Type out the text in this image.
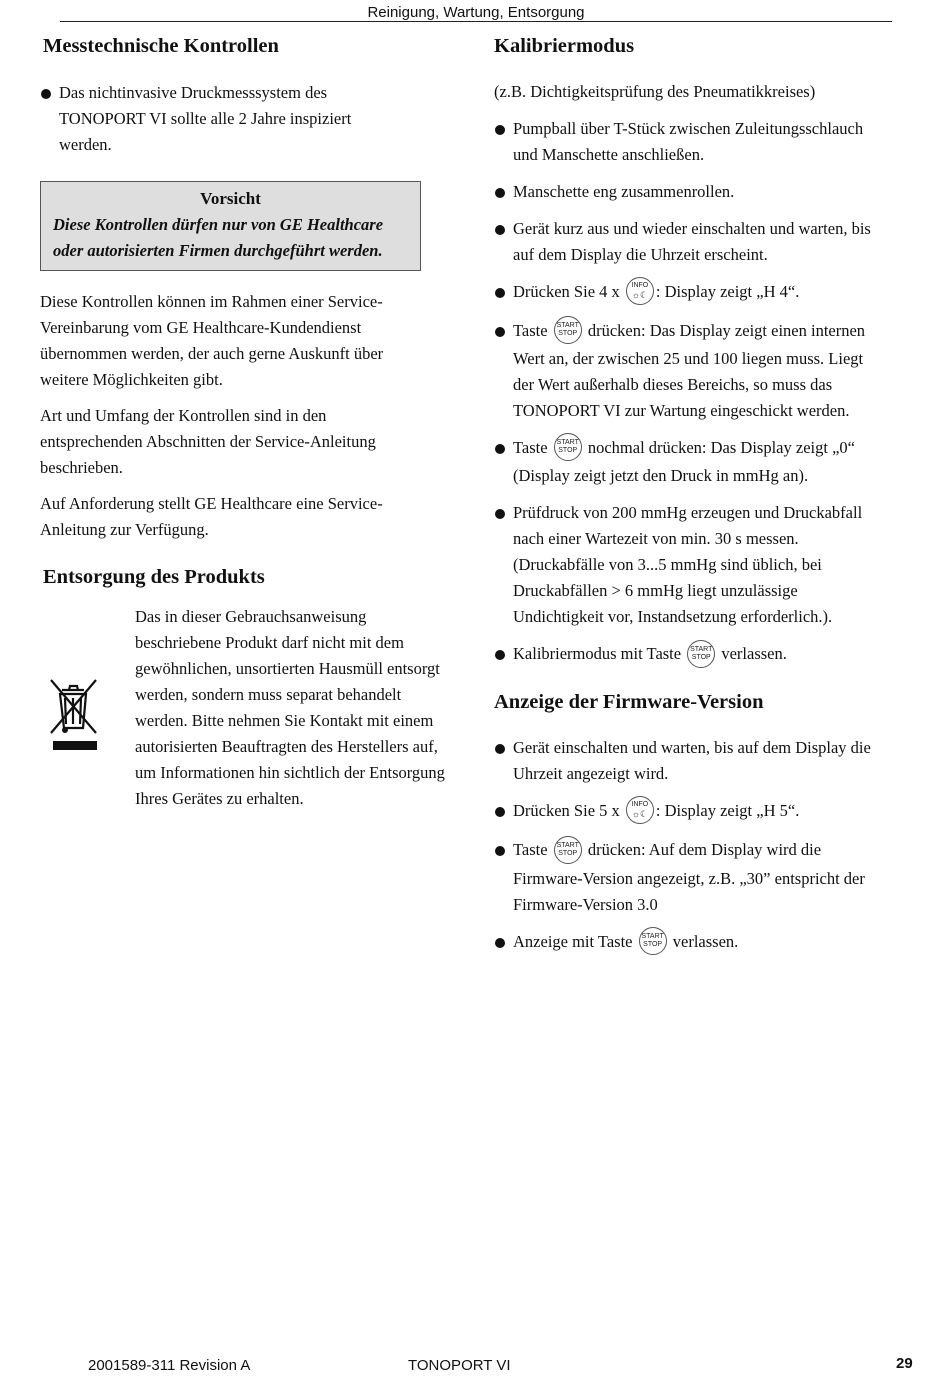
Reinigung, Wartung, Entsorgung
Messtechnische Kontrollen
Das nichtinvasive Druckmesssystem des TONOPORT VI sollte alle 2 Jahre inspiziert werden.
Vorsicht
Diese Kontrollen dürfen nur von GE Healthcare oder autorisierten Firmen durchgeführt werden.

Diese Kontrollen können im Rahmen einer Service-Vereinbarung vom GE Healthcare-Kundendienst übernommen werden, der auch gerne Auskunft über weitere Möglichkeiten gibt.

Art und Umfang der Kontrollen sind in den entsprechenden Abschnitten der Service-Anleitung beschrieben.

Auf Anforderung stellt GE Healthcare eine Service-Anleitung zur Verfügung.

Entsorgung des Produkts

Das in dieser Gebrauchsanweisung beschriebene Produkt darf nicht mit dem gewöhnlichen, unsortierten Hausmüll entsorgt werden, sondern muss separat behandelt werden. Bitte nehmen Sie Kontakt mit einem autorisierten Beauftragten des Herstellers auf, um Informationen hin sichtlich der Entsorgung Ihres Gerätes zu erhalten.

Kalibriermodus

(z.B. Dichtigkeitsprüfung des Pneumatikkreises)

Pumpball über T-Stück zwischen Zuleitungsschlauch und Manschette anschließen.
Manschette eng zusammenrollen.
Gerät kurz aus und wieder einschalten und warten, bis auf dem Display die Uhrzeit erscheint.
Drücken Sie 4 x	INFO
☼☾ : Display zeigt „H 4“.
Taste START
STOP drücken: Das Display zeigt einen internen Wert an, der zwischen 25 und 100 liegen muss. Liegt der Wert außerhalb dieses Bereichs, so muss das TONOPORT VI zur Wartung eingeschickt werden.
Taste START
STOP nochmal drücken: Das Display zeigt „0“ (Display zeigt jetzt den Druck in mmHg an).
Prüfdruck von 200 mmHg erzeugen und Druckabfall nach einer Wartezeit von min. 30 s messen. (Druckabfälle von 3...5 mmHg sind üblich, bei Druckabfällen > 6 mmHg liegt unzulässige Undichtigkeit vor, Instandsetzung erforderlich.).
Kalibriermodus mit Taste START
STOP verlassen.
Anzeige der Firmware-Version
Gerät einschalten und warten, bis auf dem Display die Uhrzeit angezeigt wird.
Drücken Sie 5 x	INFO
☼☾ : Display zeigt „H 5“.
Taste START
STOP drücken: Auf dem Display wird die Firmware-Version angezeigt, z.B. „30” entspricht der Firmware-Version 3.0
Anzeige mit Taste START
STOP verlassen.
2001589-311 Revision A	TONOPORT VI	29
